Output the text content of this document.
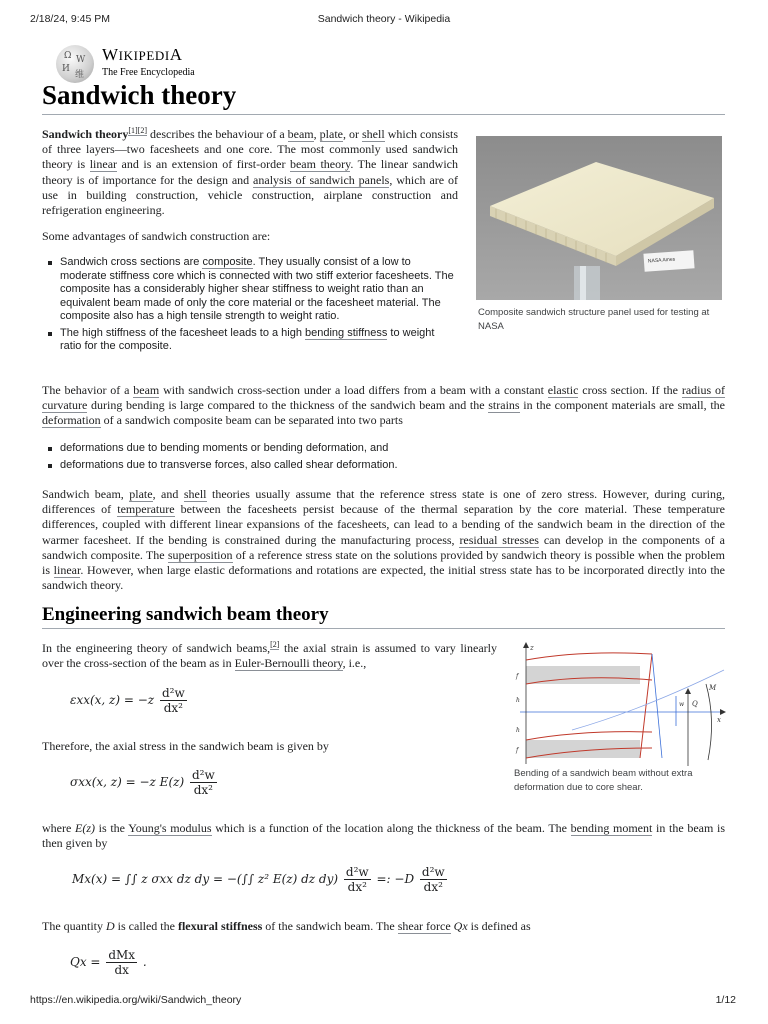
2/18/24, 9:45 PM	Sandwich theory - Wikipedia
Ω W
И
维
WIKIPEDIA
The Free Encyclopedia
Sandwich theory

Sandwich theory[1][2] describes the behaviour of a beam, plate, or shell which consists of three layers—two facesheets and one core. The most commonly used sandwich theory is linear and is an extension of first-order beam theory. The linear sandwich theory is of importance for the design and analysis of sandwich panels, which are of use in building construction, vehicle construction, airplane construction and refrigeration engineering.

Some advantages of sandwich construction are:

Sandwich cross sections are composite. They usually consist of a low to moderate stiffness core which is connected with two stiff exterior facesheets. The composite has a considerably higher shear stiffness to weight ratio than an equivalent beam made of only the core material or the facesheet material. The composite also has a high tensile strength to weight ratio.
The high stiffness of the facesheet leads to a high bending stiffness to weight ratio for the composite.
NASA Ames
Composite sandwich structure panel used for testing at NASA

The behavior of a beam with sandwich cross-section under a load differs from a beam with a constant elastic cross section. If the radius of curvature during bending is large compared to the thickness of the sandwich beam and the strains in the component materials are small, the deformation of a sandwich composite beam can be separated into two parts

deformations due to bending moments or bending deformation, and
deformations due to transverse forces, also called shear deformation.

Sandwich beam, plate, and shell theories usually assume that the reference stress state is one of zero stress. However, during curing, differences of temperature between the facesheets persist because of the thermal separation by the core material. These temperature differences, coupled with different linear expansions of the facesheets, can lead to a bending of the sandwich beam in the direction of the warmer facesheet. If the bending is constrained during the manufacturing process, residual stresses can develop in the components of a sandwich composite. The superposition of a reference stress state on the solutions provided by sandwich theory is possible when the problem is linear. However, when large elastic deformations and rotations are expected, the initial stress state has to be incorporated directly into the sandwich theory.

Engineering sandwich beam theory

In the engineering theory of sandwich beams,[2] the axial strain is assumed to vary linearly over the cross-section of the beam as in Euler-Bernoulli theory, i.e.,

εxx(x, $z) = -z \frac{\text{d²w}}{\text{dx²}}$

Therefore, the axial stress in the sandwich beam is given by

σxx(x, z) = −z $E(z) \frac{\text{d²w}}{\text{dx²}}$
z
x
M
Q
w
f
h
h
f
Bending of a sandwich beam without extra deformation due to core shear.

where E(z) is the Young's modulus which is a function of the location along the thickness of the beam. The bending moment in the beam is then given by

Mx(x) = ∫∫ z σxx dz dy = −(∫∫ z² E(z) dz $dy) \frac{\text{d²w}}{\text{dx²}}$ =: $-D \frac{\text{d²w}}{\text{dx²}}$

The quantity D is called the flexural stiffness of the sandwich beam. The shear force Qx is defined as

$Qx = \frac{\text{dMx}}{dx}$ .
https://en.wikipedia.org/wiki/Sandwich_theory	1/12
